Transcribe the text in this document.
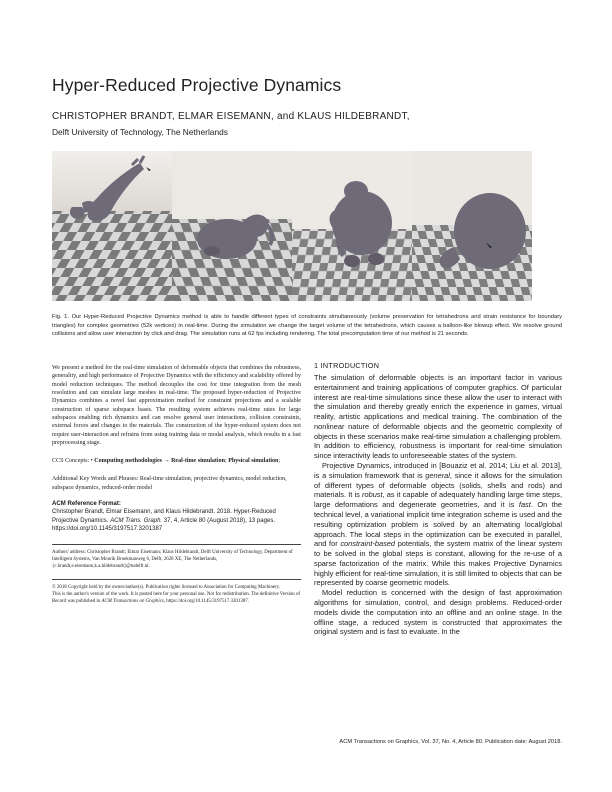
Hyper-Reduced Projective Dynamics
CHRISTOPHER BRANDT, ELMAR EISEMANN, and KLAUS HILDEBRANDT,
Delft University of Technology, The Netherlands
Fig. 1. Our Hyper-Reduced Projective Dynamics method is able to handle different types of constraints simultaneously (volume preservation for tetrahedrons and strain resistance for boundary triangles) for complex geometries (52k vertices) in real-time. During the simulation we change the target volume of the tetrahedrons, which causes a balloon-like blowup effect. We resolve ground collisions and allow user interaction by click and drag. The simulation runs at 62 fps including rendering. The total precomputation time of our method is 21 seconds.

We present a method for the real-time simulation of deformable objects that combines the robustness, generality, and high performance of Projective Dynamics with the efficiency and scalability offered by model reduction techniques. The method decouples the cost for time integration from the mesh resolution and can simulate large meshes in real-time. The proposed hyper-reduction of Projective Dynamics combines a novel fast approximation method for constraint projections and a scalable construction of sparse subspace bases. The resulting system achieves real-time rates for large subspaces enabling rich dynamics and can resolve general user interactions, collision constraints, external forces and changes to the materials. The construction of the hyper-reduced system does not require user-interaction and refrains from using training data or modal analysis, which results in a fast preprocessing stage.

CCS Concepts: • Computing methodologies → Real-time simulation; Physical simulation;

Additional Key Words and Phrases: Real-time simulation, projective dynamics, model reduction, subspace dynamics, reduced-order model

ACM Reference Format:

Christopher Brandt, Elmar Eisemann, and Klaus Hildebrandt. 2018. Hyper-Reduced Projective Dynamics. ACM Trans. Graph. 37, 4, Article 80 (August 2018), 13 pages. https://doi.org/10.1145/3197517.3201387

Authors' address: Christopher Brandt; Elmar Eisemann; Klaus Hildebrandt, Delft University of Technology, Department of Intelligent Systems, Van Mourik Broekmanweg 6, Delft, 2628 XE, The Netherlands, {c.brandt,e.eisemann,k.a.hildebrandt}@tudelft.nl.

© 2018 Copyright held by the owner/author(s). Publication rights licensed to Association for Computing Machinery.

This is the author's version of the work. It is posted here for your personal use. Not for redistribution. The definitive Version of Record was published in ACM Transactions on Graphics, https://doi.org/10.1145/3197517.3201387.

1 INTRODUCTION

The simulation of deformable objects is an important factor in various entertainment and training applications of computer graphics. Of particular interest are real-time simulations since these allow the user to interact with the simulation and thereby greatly enrich the experience in games, virtual reality, artistic applications and medical training. The combination of the nonlinear nature of deformable objects and the geometric complexity of objects in these scenarios make real-time simulation a challenging problem. In addition to efficiency, robustness is important for real-time simulation since interactivity leads to unforeseeable states of the system.

Projective Dynamics, introduced in [Bouaziz et al. 2014; Liu et al. 2013], is a simulation framework that is general, since it allows for the simulation of different types of deformable objects (solids, shells and rods) and materials. It is robust, as it capable of adequately handling large time steps, large deformations and degenerate geometries, and it is fast. On the technical level, a variational implicit time integration scheme is used and the resulting optimization problem is solved by an alternating local/global approach. The local steps in the optimization can be executed in parallel, and for constraint-based potentials, the system matrix of the linear system to be solved in the global steps is constant, allowing for the re-use of a sparse factorization of the matrix. While this makes Projective Dynamics highly efficient for real-time simulation, it is still limited to objects that can be represented by coarse geometric models.

Model reduction is concerned with the design of fast approximation algorithms for simulation, control, and design problems. Reduced-order models divide the computation into an offline and an online stage. In the offline stage, a reduced system is constructed that approximates the original system and is fast to evaluate. In the

ACM Transactions on Graphics, Vol. 37, No. 4, Article 80. Publication date: August 2018.
